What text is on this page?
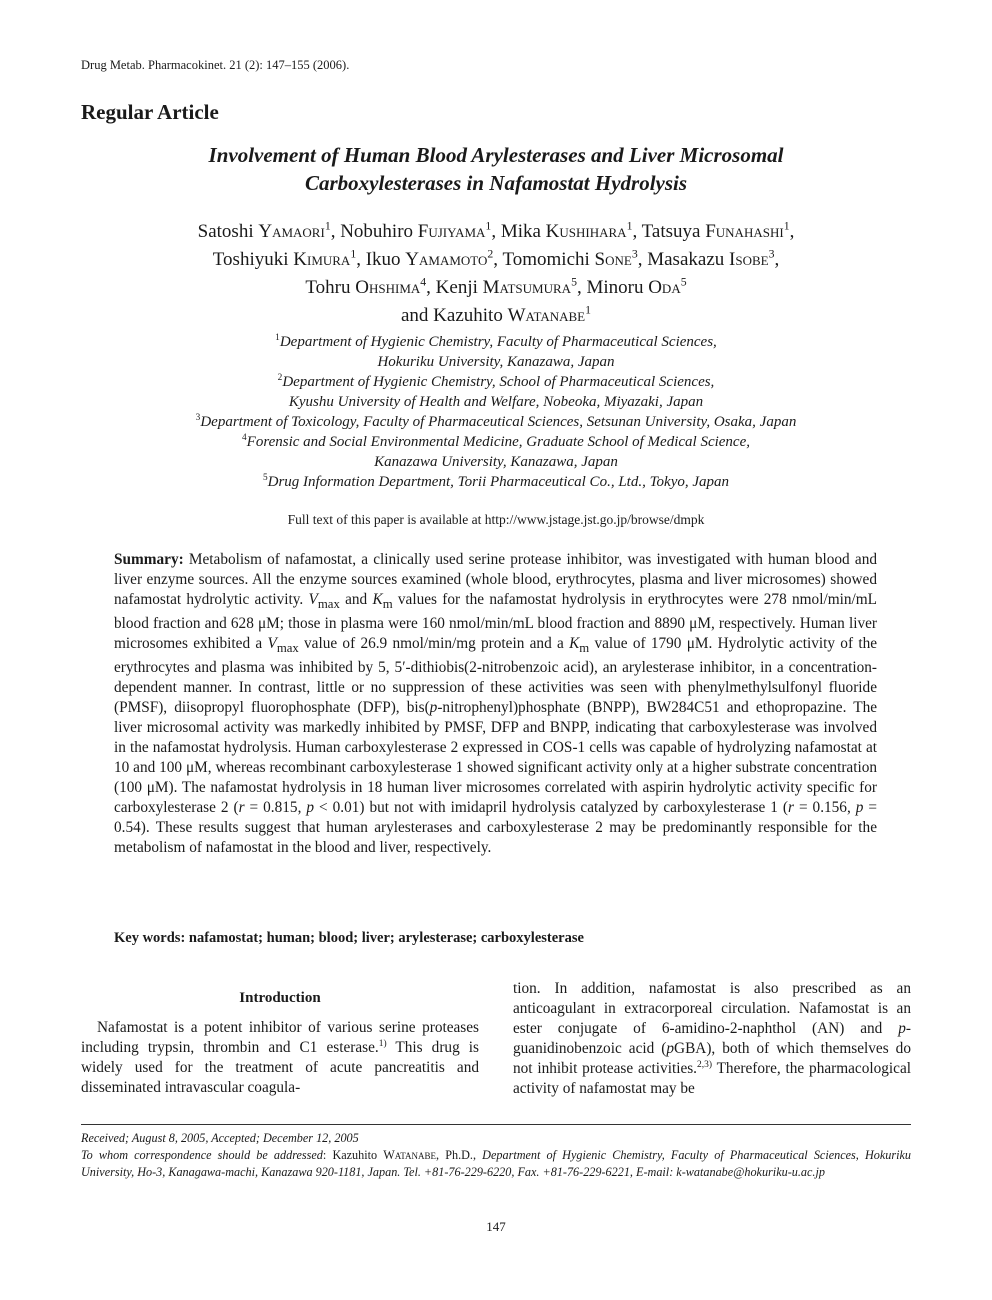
Drug Metab. Pharmacokinet. 21 (2): 147–155 (2006).
Regular Article
Involvement of Human Blood Arylesterases and Liver Microsomal
Carboxylesterases in Nafamostat Hydrolysis
Satoshi Yamaori$^1$, Nobuhiro Fujiyama$^1$, Mika Kushihara$^1$, Tatsuya Funahashi$^1$,
Toshiyuki Kimura$^1$, Ikuo Yamamoto$^2$, Tomomichi Sone$^3$, Masakazu Isobe$^3$,
Tohru Ohshima$^4$, Kenji Matsumura$^5$, Minoru Oda$^5$
and Kazuhito Watanabe$^1$
$^1$Department of Hygienic Chemistry, Faculty of Pharmaceutical Sciences,
Hokuriku University, Kanazawa, Japan
$^2$Department of Hygienic Chemistry, School of Pharmaceutical Sciences,
Kyushu University of Health and Welfare, Nobeoka, Miyazaki, Japan
$^3$Department of Toxicology, Faculty of Pharmaceutical Sciences, Setsunan University, Osaka, Japan
$^4$Forensic and Social Environmental Medicine, Graduate School of Medical Science,
Kanazawa University, Kanazawa, Japan
$^5$Drug Information Department, Torii Pharmaceutical Co., Ltd., Tokyo, Japan
Full text of this paper is available at http://www.jstage.jst.go.jp/browse/dmpk
Summary: Metabolism of nafamostat, a clinically used serine protease inhibitor, was investigated with human blood and liver enzyme sources. All the enzyme sources examined (whole blood, erythrocytes, plasma and liver microsomes) showed nafamostat hydrolytic activity. $V_{max}$ and $K_m$ values for the nafamostat hydrolysis in erythrocytes were 278 nmol/min/mL blood fraction and 628 μM; those in plasma were 160 nmol/min/mL blood fraction and 8890 μM, respectively. Human liver microsomes exhibited a $V_{max}$ value of 26.9 nmol/min/mg protein and a $K_m$ value of 1790 μM. Hydrolytic activity of the erythrocytes and plasma was inhibited by 5, 5′-dithiobis(2-nitrobenzoic acid), an arylesterase inhibitor, in a concentration-dependent manner. In contrast, little or no suppression of these activities was seen with phenylmethylsulfonyl fluoride (PMSF), diisopropyl fluorophosphate (DFP), bis(p-nitrophenyl)phosphate (BNPP), BW284C51 and ethopropazine. The liver microsomal activity was markedly inhibited by PMSF, DFP and BNPP, indicating that carboxylesterase was involved in the nafamostat hydrolysis. Human carboxylesterase 2 expressed in COS-1 cells was capable of hydrolyzing nafamostat at 10 and 100 μM, whereas recombinant carboxylesterase 1 showed significant activity only at a higher substrate concentration (100 μM). The nafamostat hydrolysis in 18 human liver microsomes correlated with aspirin hydrolytic activity specific for carboxylesterase 2 (r = 0.815, p < 0.01) but not with imidapril hydrolysis catalyzed by carboxylesterase 1 (r = 0.156, p = 0.54). These results suggest that human arylesterases and carboxylesterase 2 may be predominantly responsible for the metabolism of nafamostat in the blood and liver, respectively.
Key words: nafamostat; human; blood; liver; arylesterase; carboxylesterase
Introduction
Nafamostat is a potent inhibitor of various serine proteases including trypsin, thrombin and C1 esterase.$^{1)}$ This drug is widely used for the treatment of acute pancreatitis and disseminated intravascular coagula-
tion. In addition, nafamostat is also prescribed as an anticoagulant in extracorporeal circulation. Nafamostat is an ester conjugate of 6-amidino-2-naphthol (AN) and p-guanidinobenzoic acid (pGBA), both of which themselves do not inhibit protease activities.$^{2,3)}$ Therefore, the pharmacological activity of nafamostat may be
Received; August 8, 2005, Accepted; December 12, 2005
To whom correspondence should be addressed: Kazuhito Watanabe, Ph.D., Department of Hygienic Chemistry, Faculty of Pharmaceutical Sciences, Hokuriku University, Ho-3, Kanagawa-machi, Kanazawa 920-1181, Japan. Tel. +81-76-229-6220, Fax. +81-76-229-6221, E-mail: k-watanabe@hokuriku-u.ac.jp
147
